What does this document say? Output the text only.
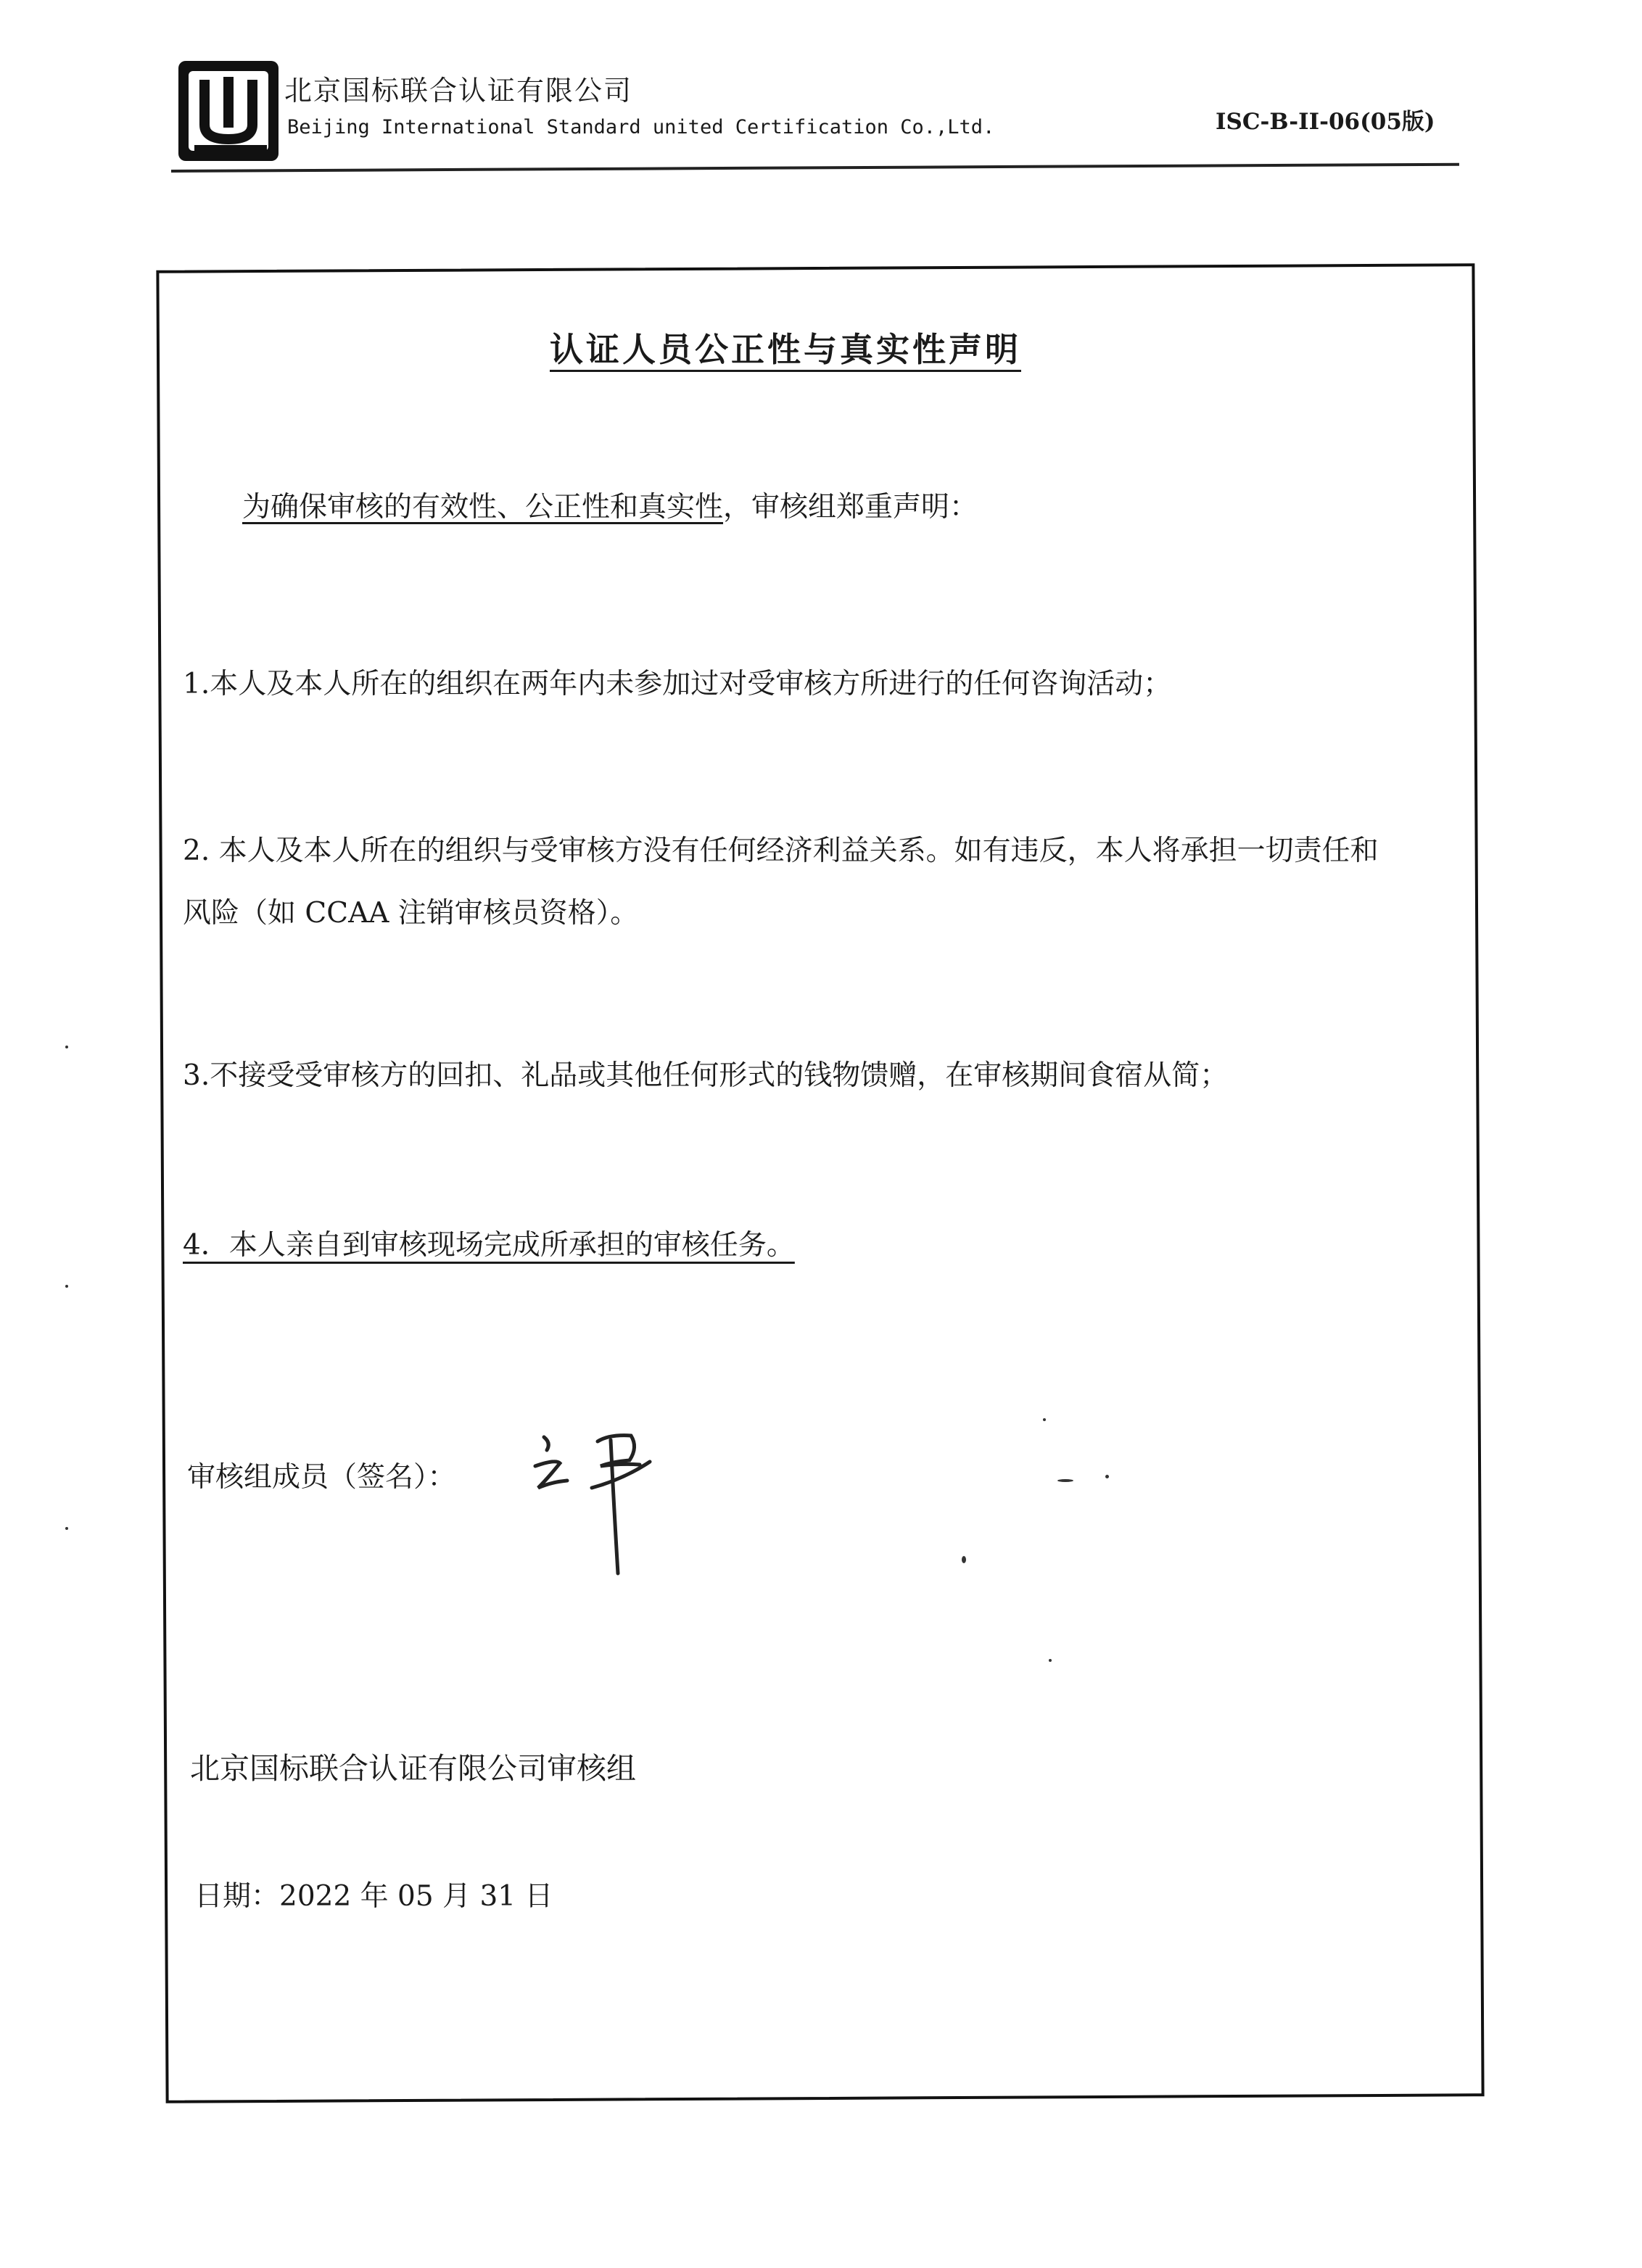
北京国标联合认证有限公司
Beijing International Standard united Certification Co.,Ltd.	ISC-B-II-06(05版)
认证人员公正性与真实性声明
为确保审核的有效性、公正性和真实性，审核组郑重声明：
1.本人及本人所在的组织在两年内未参加过对受审核方所进行的任何咨询活动；
2. 本人及本人所在的组织与受审核方没有任何经济利益关系。如有违反，本人将承担一切责任和
风险（如 CCAA 注销审核员资格）。
3.不接受受审核方的回扣、礼品或其他任何形式的钱物馈赠，在审核期间食宿从简；
4．本人亲自到审核现场完成所承担的审核任务。
审核组成员（签名）：
北京国标联合认证有限公司审核组
日期：2022 年 05 月 31 日
